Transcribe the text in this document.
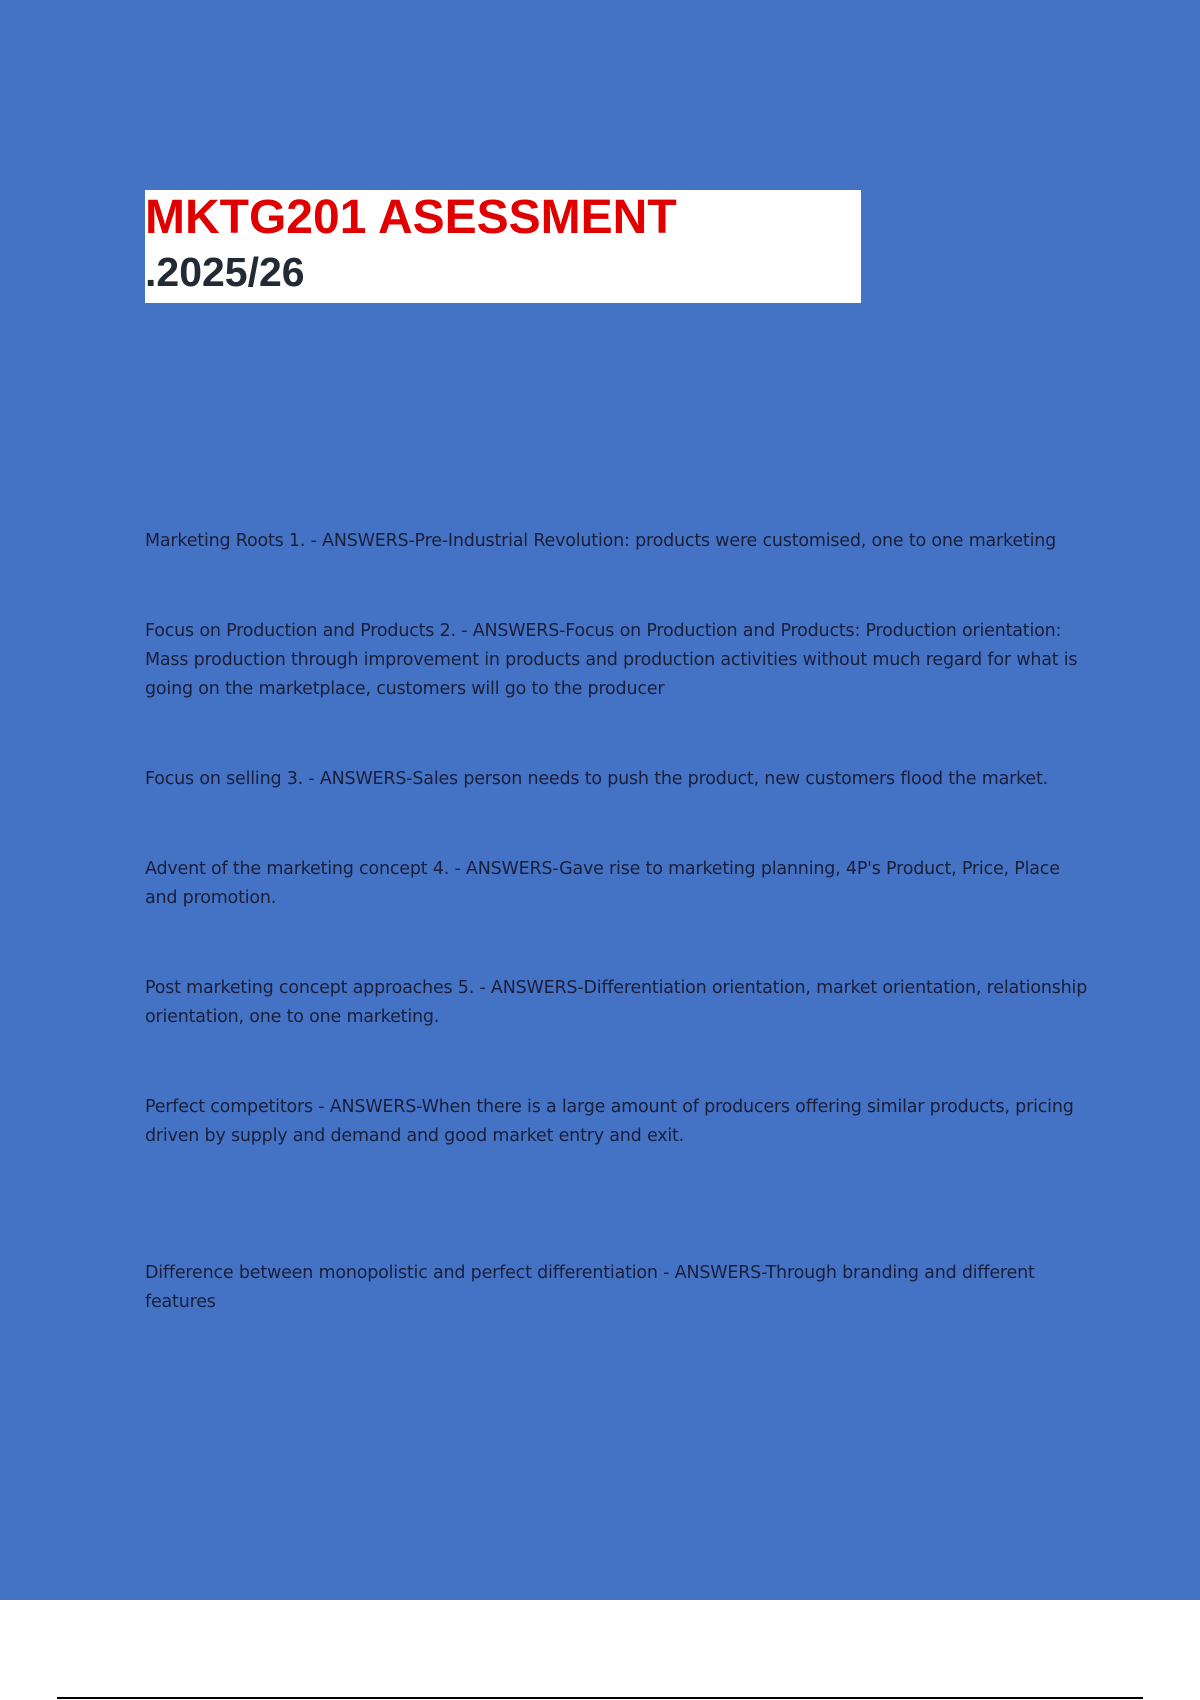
MKTG201 ASESSMENT

.2025/26

Marketing Roots 1. - ANSWERS-Pre-Industrial Revolution: products were customised, one to one marketing
Focus on Production and Products 2. - ANSWERS-Focus on Production and Products: Production orientation: Mass production through improvement in products and production activities without much regard for what is going on the marketplace, customers will go to the producer
Focus on selling 3. - ANSWERS-Sales person needs to push the product, new customers flood the market.
Advent of the marketing concept 4. - ANSWERS-Gave rise to marketing planning, 4P's Product, Price, Place and promotion.
Post marketing concept approaches 5. - ANSWERS-Differentiation orientation, market orientation, relationship orientation, one to one marketing.
Perfect competitors - ANSWERS-When there is a large amount of producers offering similar products, pricing driven by supply and demand and good market entry and exit.
Difference between monopolistic and perfect differentiation - ANSWERS-Through branding and different features
